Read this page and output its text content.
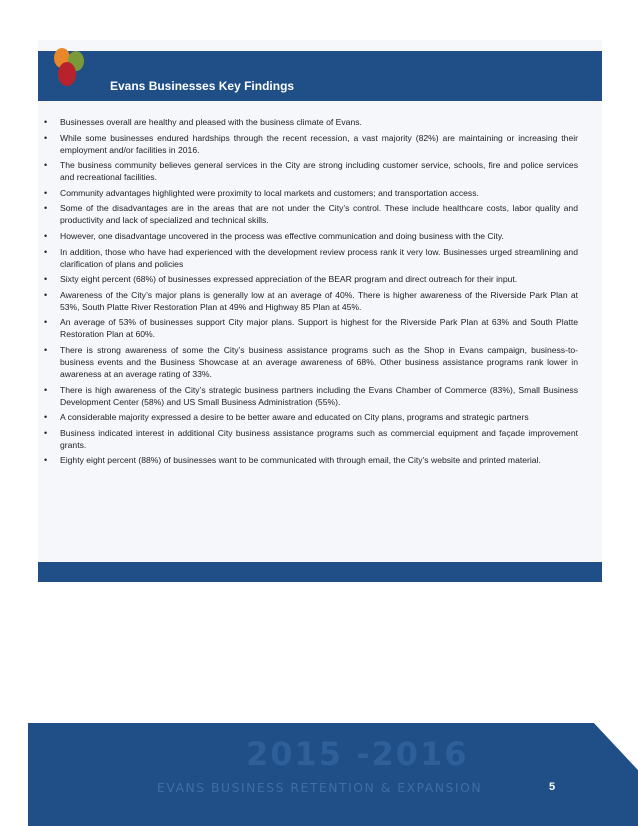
Evans Businesses Key Findings
• Businesses overall are healthy and pleased with the business climate of Evans.
• While some businesses endured hardships through the recent recession, a vast majority (82%) are maintaining or increasing their employment and/or facilities in 2016.
• The business community believes general services in the City are strong including customer service, schools, fire and police services and recreational facilities.
• Community advantages highlighted were proximity to local markets and customers; and transportation access.
• Some of the disadvantages are in the areas that are not under the City’s control. These include healthcare costs, labor quality and productivity and lack of specialized and technical skills.
• However, one disadvantage uncovered in the process was effective communication and doing business with the City.
• In addition, those who have had experienced with the development review process rank it very low. Businesses urged streamlining and clarification of plans and policies
• Sixty eight percent (68%) of businesses expressed appreciation of the BEAR program and direct outreach for their input.
• Awareness of the City’s major plans is generally low at an average of 40%. There is higher awareness of the Riverside Park Plan at 53%, South Platte River Restoration Plan at 49% and Highway 85 Plan at 45%.
• An average of 53% of businesses support City major plans. Support is highest for the Riverside Park Plan at 63% and South Platte Restoration Plan at 60%.
• There is strong awareness of some the City’s business assistance programs such as the Shop in Evans campaign, business-to-business events and the Business Showcase at an average awareness of 68%. Other business assistance programs rank lower in awareness at an average rating of 33%.
• There is high awareness of the City’s strategic business partners including the Evans Chamber of Commerce (83%), Small Business Development Center (58%) and US Small Business Administration (55%).
• A considerable majority expressed a desire to be better aware and educated on City plans, programs and strategic partners
• Business indicated interest in additional City business assistance programs such as commercial equipment and façade improvement grants.
• Eighty eight percent (88%) of businesses want to be communicated with through email, the City’s website and printed material.
2015 -2016
EVANS BUSINESS RETENTION & EXPANSION	5
